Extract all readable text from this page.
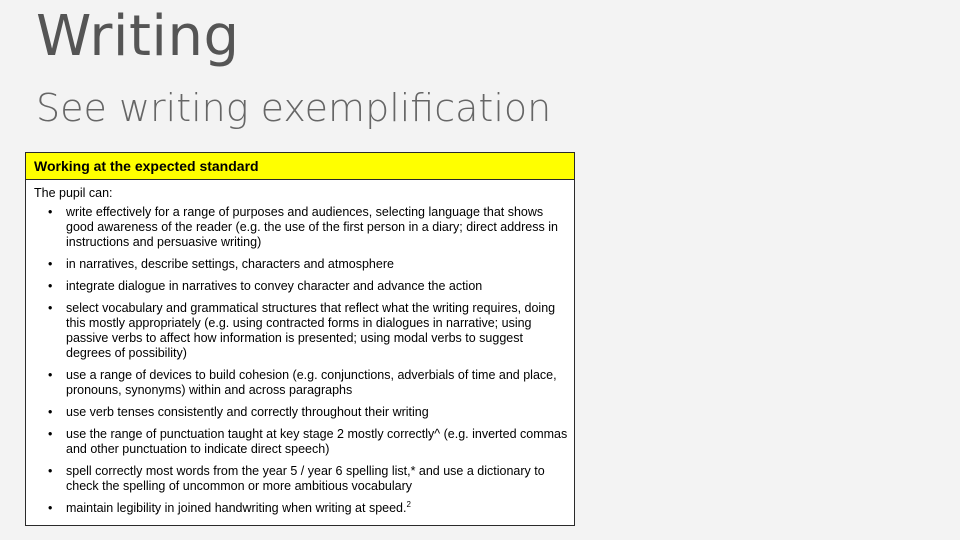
Writing
See writing exemplification
Working at the expected standard
The pupil can:
• write effectively for a range of purposes and audiences, selecting language that shows good awareness of the reader (e.g. the use of the first person in a diary; direct address in instructions and persuasive writing)
• in narratives, describe settings, characters and atmosphere
• integrate dialogue in narratives to convey character and advance the action
• select vocabulary and grammatical structures that reflect what the writing requires, doing this mostly appropriately (e.g. using contracted forms in dialogues in narrative; using passive verbs to affect how information is presented; using modal verbs to suggest degrees of possibility)
• use a range of devices to build cohesion (e.g. conjunctions, adverbials of time and place, pronouns, synonyms) within and across paragraphs
• use verb tenses consistently and correctly throughout their writing
• use the range of punctuation taught at key stage 2 mostly correctly^ (e.g. inverted commas and other punctuation to indicate direct speech)
• spell correctly most words from the year 5 / year 6 spelling list,* and use a dictionary to check the spelling of uncommon or more ambitious vocabulary
• maintain legibility in joined handwriting when writing at speed.$^2$
